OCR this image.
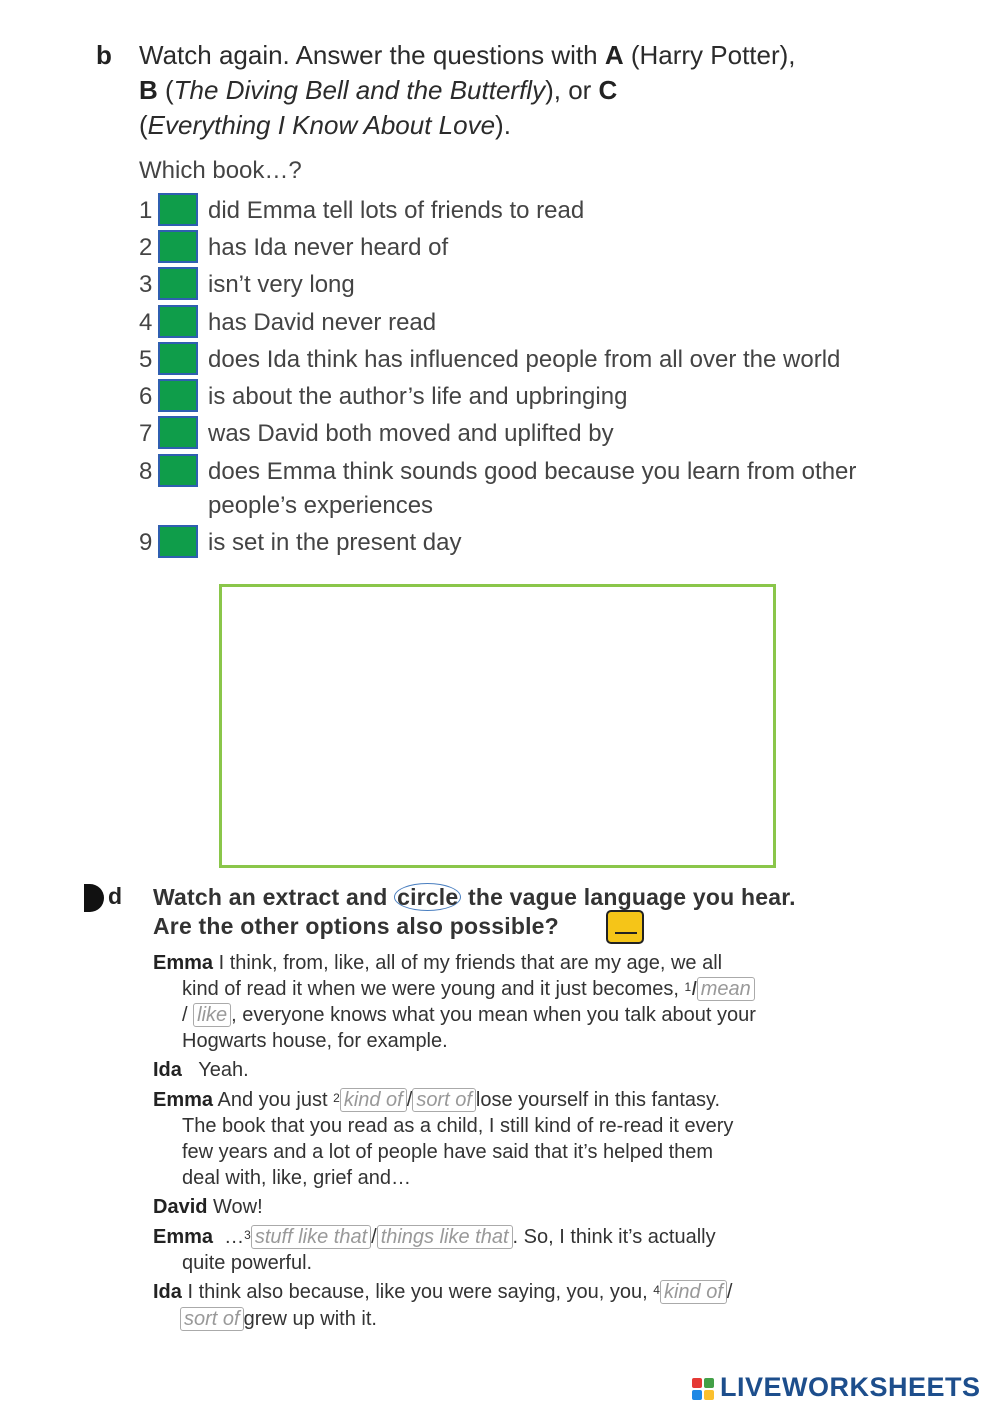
b Watch again. Answer the questions with A (Harry Potter),
B (The Diving Bell and the Butterfly), or C
(Everything I Know About Love).
Which book…?
1 did Emma tell lots of friends to read
2 has Ida never heard of
3 isn’t very long
4 has David never read
5 does Ida think has influenced people from all over the world
6 is about the author’s life and upbringing
7 was David both moved and uplifted by
8 does Emma think sounds good because you learn from other
people’s experiences
9 is set in the present day
d Watch an extract and circle the vague language you hear.
Are the other options also possible?
Emma I think, from, like, all of my friends that are my age, we all
kind of read it when we were young and it just becomes, $^1$I mean
/ like , everyone knows what you mean when you talk about your
Hogwarts house, for example.
Ida Yeah.
Emma And you just $^2$ kind of / sort of lose yourself in this fantasy.
The book that you read as a child, I still kind of re-read it every
few years and a lot of people have said that it’s helped them
deal with, like, grief and…
David Wow!
Emma …$^3$ stuff like that / things like that . So, I think it’s actually
quite powerful.
Ida I think also because, like you were saying, you, you, $^4$ kind of /
sort of grew up with it.
LIVEWORKSHEETS
